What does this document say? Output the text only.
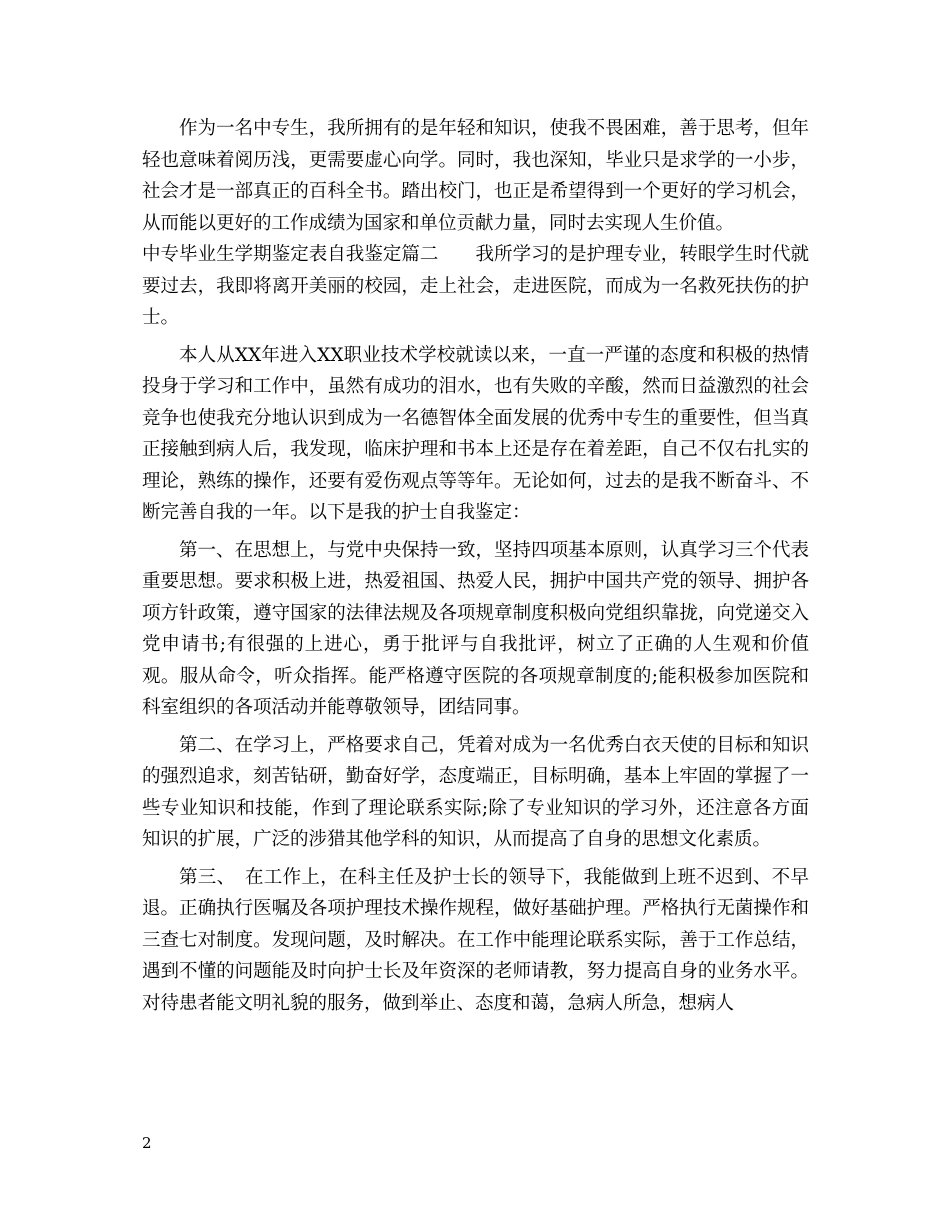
作为一名中专生，我所拥有的是年轻和知识，使我不畏困难，善于思考，但年轻也意味着阅历浅，更需要虚心向学。同时，我也深知，毕业只是求学的一小步，社会才是一部真正的百科全书。踏出校门，也正是希望得到一个更好的学习机会，从而能以更好的工作成绩为国家和单位贡献力量，同时去实现人生价值。

中专毕业生学期鉴定表自我鉴定篇二　　我所学习的是护理专业，转眼学生时代就要过去，我即将离开美丽的校园，走上社会，走进医院，而成为一名救死扶伤的护士。

本人从XX年进入XX职业技术学校就读以来，一直一严谨的态度和积极的热情投身于学习和工作中，虽然有成功的泪水，也有失败的辛酸，然而日益激烈的社会竞争也使我充分地认识到成为一名德智体全面发展的优秀中专生的重要性，但当真正接触到病人后，我发现，临床护理和书本上还是存在着差距，自己不仅右扎实的理论，熟练的操作，还要有爱伤观点等等年。无论如何，过去的是我不断奋斗、不断完善自我的一年。以下是我的护士自我鉴定：

第一、在思想上，与党中央保持一致，坚持四项基本原则，认真学习三个代表重要思想。要求积极上进，热爱祖国、热爱人民，拥护中国共产党的领导、拥护各项方针政策，遵守国家的法律法规及各项规章制度积极向党组织靠拢，向党递交入党申请书;有很强的上进心，勇于批评与自我批评，树立了正确的人生观和价值观。服从命令，听众指挥。能严格遵守医院的各项规章制度的;能积极参加医院和科室组织的各项活动并能尊敬领导，团结同事。

第二、在学习上，严格要求自己，凭着对成为一名优秀白衣天使的目标和知识的强烈追求，刻苦钻研，勤奋好学，态度端正，目标明确，基本上牢固的掌握了一些专业知识和技能，作到了理论联系实际;除了专业知识的学习外，还注意各方面知识的扩展，广泛的涉猎其他学科的知识，从而提高了自身的思想文化素质。

第三、　在工作上，在科主任及护士长的领导下，我能做到上班不迟到、不早退。正确执行医嘱及各项护理技术操作规程，做好基础护理。严格执行无菌操作和三查七对制度。发现问题，及时解决。在工作中能理论联系实际，善于工作总结，遇到不懂的问题能及时向护士长及年资深的老师请教，努力提高自身的业务水平。对待患者能文明礼貌的服务，做到举止、态度和蔼，急病人所急，想病人

2
